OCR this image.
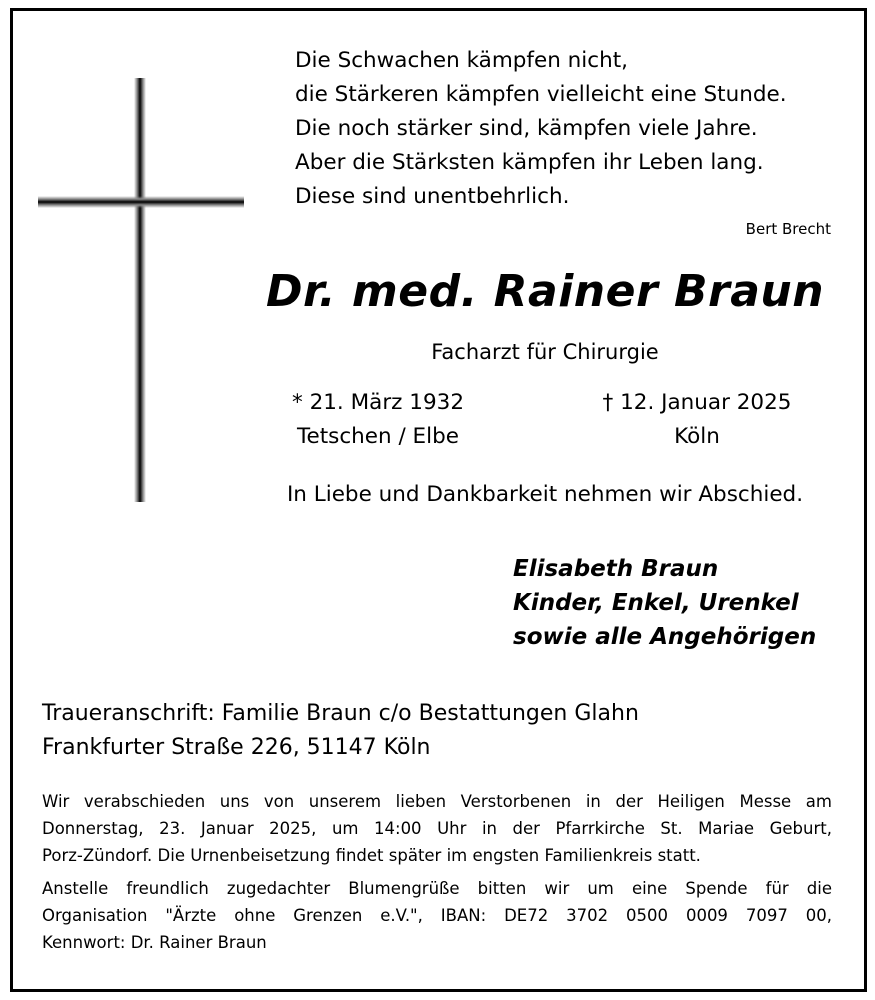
Die Schwachen kämpfen nicht,
die Stärkeren kämpfen vielleicht eine Stunde.
Die noch stärker sind, kämpfen viele Jahre.
Aber die Stärksten kämpfen ihr Leben lang.
Diese sind unentbehrlich.
Bert Brecht
Dr. med. Rainer Braun
Facharzt für Chirurgie
* 21. März 1932
Tetschen / Elbe
† 12. Januar 2025
Köln
In Liebe und Dankbarkeit nehmen wir Abschied.
Elisabeth Braun
Kinder, Enkel, Urenkel
sowie alle Angehörigen
Traueranschrift: Familie Braun c/o Bestattungen Glahn
Frankfurter Straße 226, 51147 Köln
Wir verabschieden uns von unserem lieben Verstorbenen in der Heiligen Messe am
Donnerstag, 23. Januar 2025, um 14:00 Uhr in der Pfarrkirche St. Mariae Geburt,
Porz-Zündorf. Die Urnenbeisetzung findet später im engsten Familienkreis statt.
Anstelle freundlich zugedachter Blumengrüße bitten wir um eine Spende für die
Organisation "Ärzte ohne Grenzen e.V.", IBAN: DE72 3702 0500 0009 7097 00,
Kennwort: Dr. Rainer Braun
